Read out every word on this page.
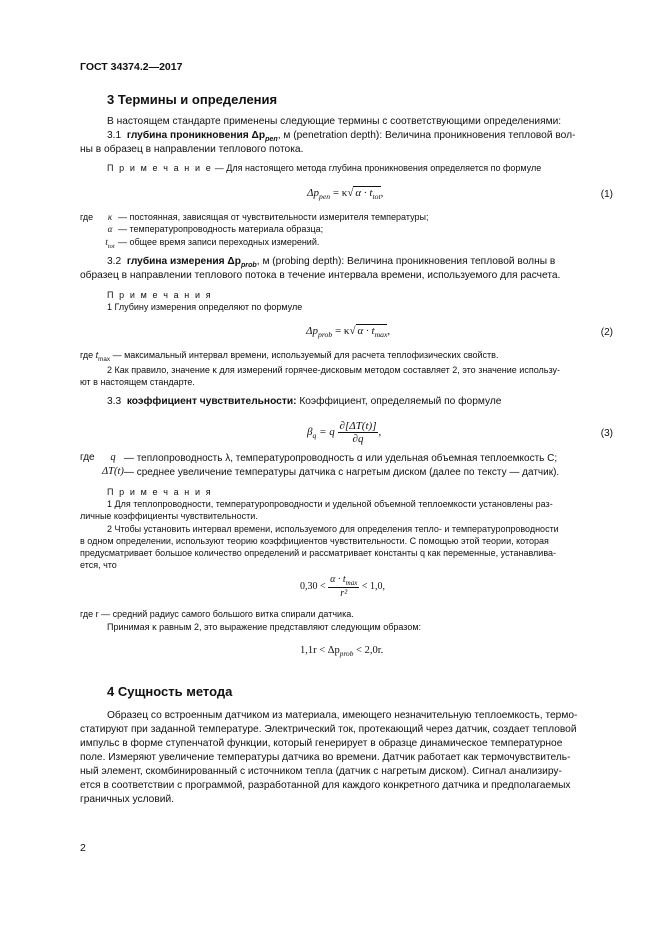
ГОСТ 34374.2—2017
3 Термины и определения
В настоящем стандарте применены следующие термины с соответствующими определениями:
3.1 глубина проникновения $\Delta p_{pen}$, м (penetration depth): Величина проникновения тепловой вол-
ны в образец в направлении теплового потока.
П р и м е ч а н и е — Для настоящего метода глубина проникновения определяется по формуле
$\Delta p_{pen} = \kappa√$ $\alpha \cdot t_{tot}$,	(1)
где	κ	— постоянная, зависящая от чувствительности измерителя температуры;
	α	— температуропроводность материала образца;
	$t_{tot}$	— общее время записи переходных измерений.
3.2 глубина измерения $\Delta p_{prob}$, м (probing depth): Величина проникновения тепловой волны в
образец в направлении теплового потока в течение интервала времени, используемого для расчета.
П р и м е ч а н и я
1 Глубину измерения определяют по формуле
$\Delta p_{prob} = \kappa√$ $\alpha \cdot t_{max}$,	(2)
где $t_{max}$ — максимальный интервал времени, используемый для расчета теплофизических свойств.
2 Как правило, значение κ для измерений горячее-дисковым методом составляет 2, это значение использу-
ют в настоящем стандарте.
3.3 коэффициент чувствительности: Коэффициент, определяемый по формуле
$\beta_q = q \frac{\partial[\Delta T(t)]}{\partial q}$ ,	(3)
где	q	— теплопроводность λ, температуропроводность α или удельная объемная теплоемкость C;
	ΔT(t)	— среднее увеличение температуры датчика с нагретым диском (далее по тексту — датчик).
П р и м е ч а н и я
1 Для теплопроводности, температуропроводности и удельной объемной теплоемкости установлены раз-
личные коэффициенты чувствительности.
2 Чтобы установить интервал времени, используемого для определения тепло- и температуропроводности
в одном определении, используют теорию коэффициентов чувствительности. С помощью этой теории, которая
предусматривает большое количество определений и рассматривает константы q как переменные, устанавлива-
ется, что
$0,30 < \frac{\alpha \cdot t_{max}}{\text{r²}} < 1,0$,
где r — средний радиус самого большого витка спирали датчика.
Принимая κ равным 2, это выражение представляют следующим образом:
$1,1r < \Delta p_{prob} < 2,0r$.
4 Сущность метода
Образец со встроенным датчиком из материала, имеющего незначительную теплоемкость, термо-
статируют при заданной температуре. Электрический ток, протекающий через датчик, создает тепловой
импульс в форме ступенчатой функции, который генерирует в образце динамическое температурное
поле. Измеряют увеличение температуры датчика во времени. Датчик работает как термочувствитель-
ный элемент, скомбинированный с источником тепла (датчик с нагретым диском). Сигнал анализиру-
ется в соответствии с программой, разработанной для каждого конкретного датчика и предполагаемых
граничных условий.
2
